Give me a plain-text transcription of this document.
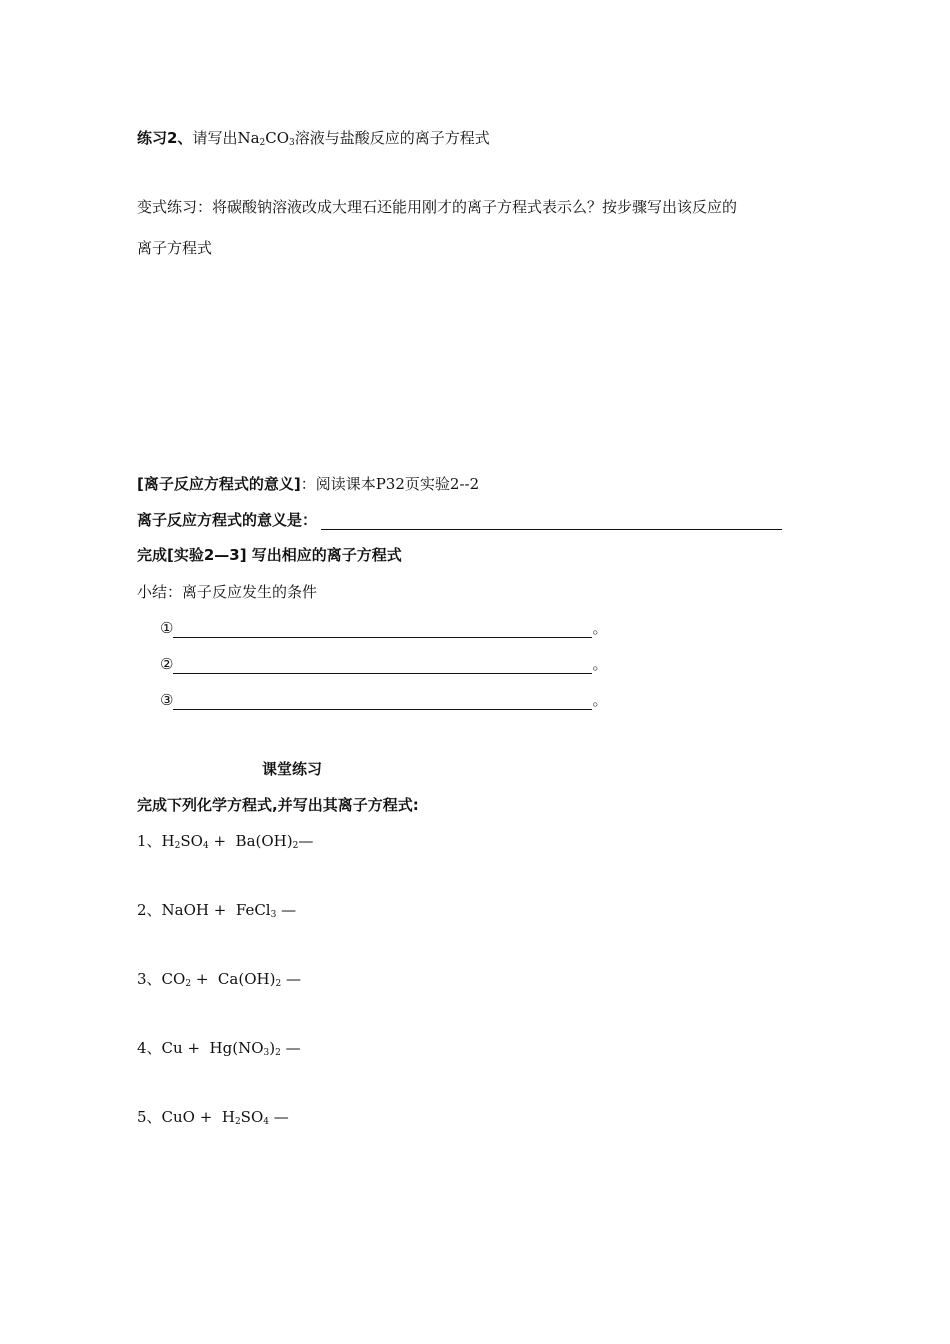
练习2、请写出$Na_2CO_3$溶液与盐酸反应的离子方程式
变式练习：将碳酸钠溶液改成大理石还能用刚才的离子方程式表示么？按步骤写出该反应的
离子方程式
[离子反应方程式的意义]：阅读课本P32页实验2--2
离子反应方程式的意义是：
完成[实验2—3] 写出相应的离子方程式
小结：离子反应发生的条件
①	。
②	。
③	。
课堂练习
完成下列化学方程式,并写出其离子方程式:
1、$H_2SO_4$ +  $Ba(OH)_2—$
2、NaOH +  FeCl$_3$ —
3、$CO_2 + Ca(OH)_2$ —
4、$Cu + Hg(NO_3)_2$ —
5、CuO +  $H_2SO_4$ —
